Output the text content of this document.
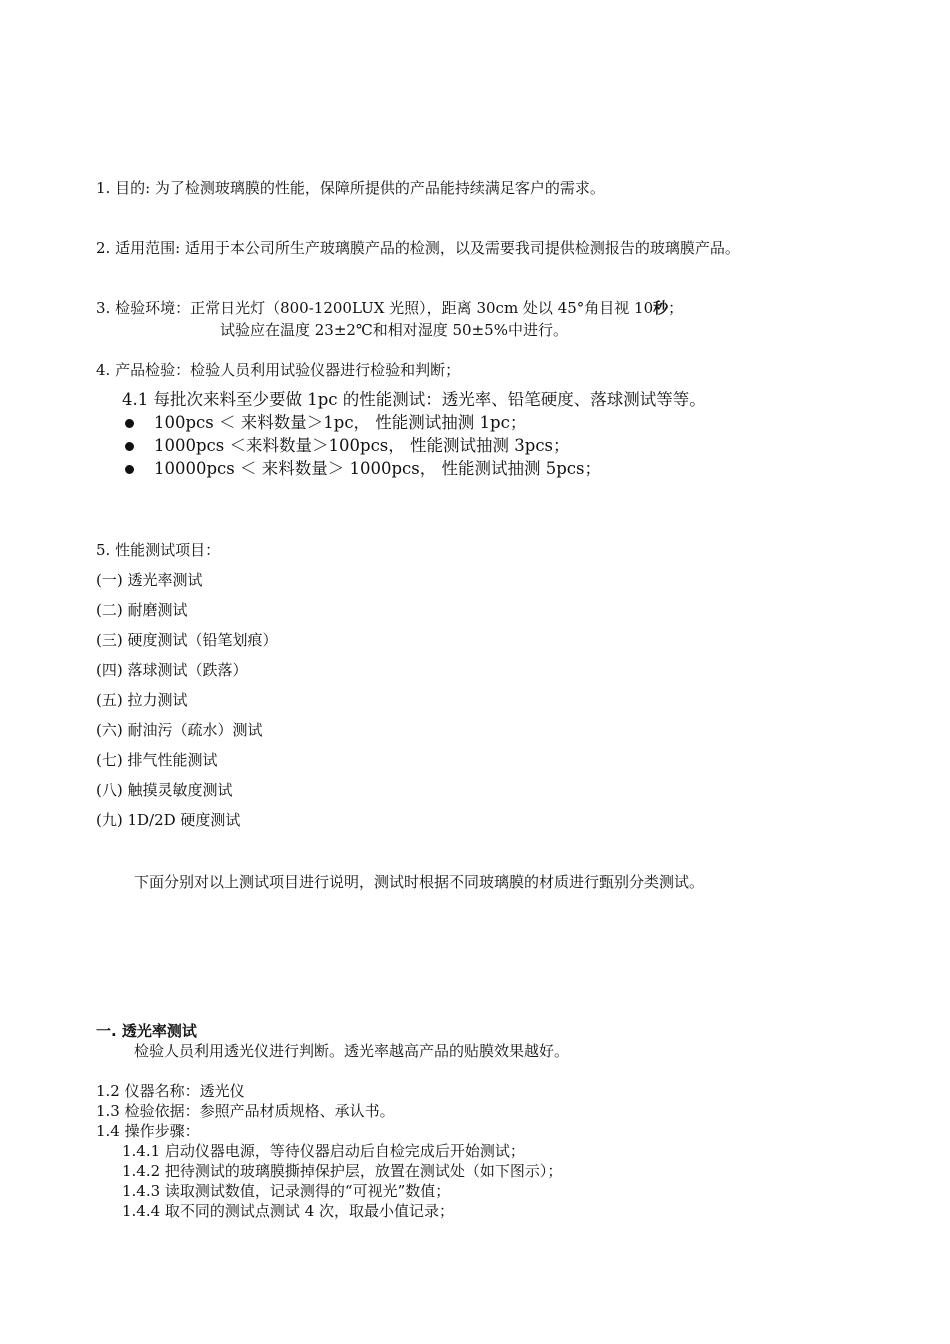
1. 目的: 为了检测玻璃膜的性能，保障所提供的产品能持续满足客户的需求。
2. 适用范围: 适用于本公司所生产玻璃膜产品的检测，以及需要我司提供检测报告的玻璃膜产品。
3. 检验环境：正常日光灯（800-1200LUX 光照），距离 30cm 处以 45°角目视 10秒；
试验应在温度 23±2℃和相对湿度 50±5%中进行。
4. 产品检验：检验人员利用试验仪器进行检验和判断；
4.1 每批次来料至少要做 1pc 的性能测试：透光率、铅笔硬度、落球测试等等。
100pcs ＜ 来料数量＞1pc， 性能测试抽测 1pc；
1000pcs ＜来料数量＞100pcs， 性能测试抽测 3pcs；
10000pcs ＜ 来料数量＞ 1000pcs， 性能测试抽测 5pcs；
5. 性能测试项目：
(一) 透光率测试
(二) 耐磨测试
(三) 硬度测试（铅笔划痕）
(四) 落球测试（跌落）
(五) 拉力测试
(六) 耐油污（疏水）测试
(七) 排气性能测试
(八) 触摸灵敏度测试
(九) 1D/2D 硬度测试
下面分别对以上测试项目进行说明，测试时根据不同玻璃膜的材质进行甄别分类测试。
一. 透光率测试
检验人员利用透光仪进行判断。透光率越高产品的贴膜效果越好。
1.2 仪器名称：透光仪
1.3 检验依据：参照产品材质规格、承认书。
1.4 操作步骤：
1.4.1 启动仪器电源，等待仪器启动后自检完成后开始测试；
1.4.2 把待测试的玻璃膜撕掉保护层，放置在测试处（如下图示）；
1.4.3 读取测试数值，记录测得的“可视光”数值；
1.4.4 取不同的测试点测试 4 次，取最小值记录；
